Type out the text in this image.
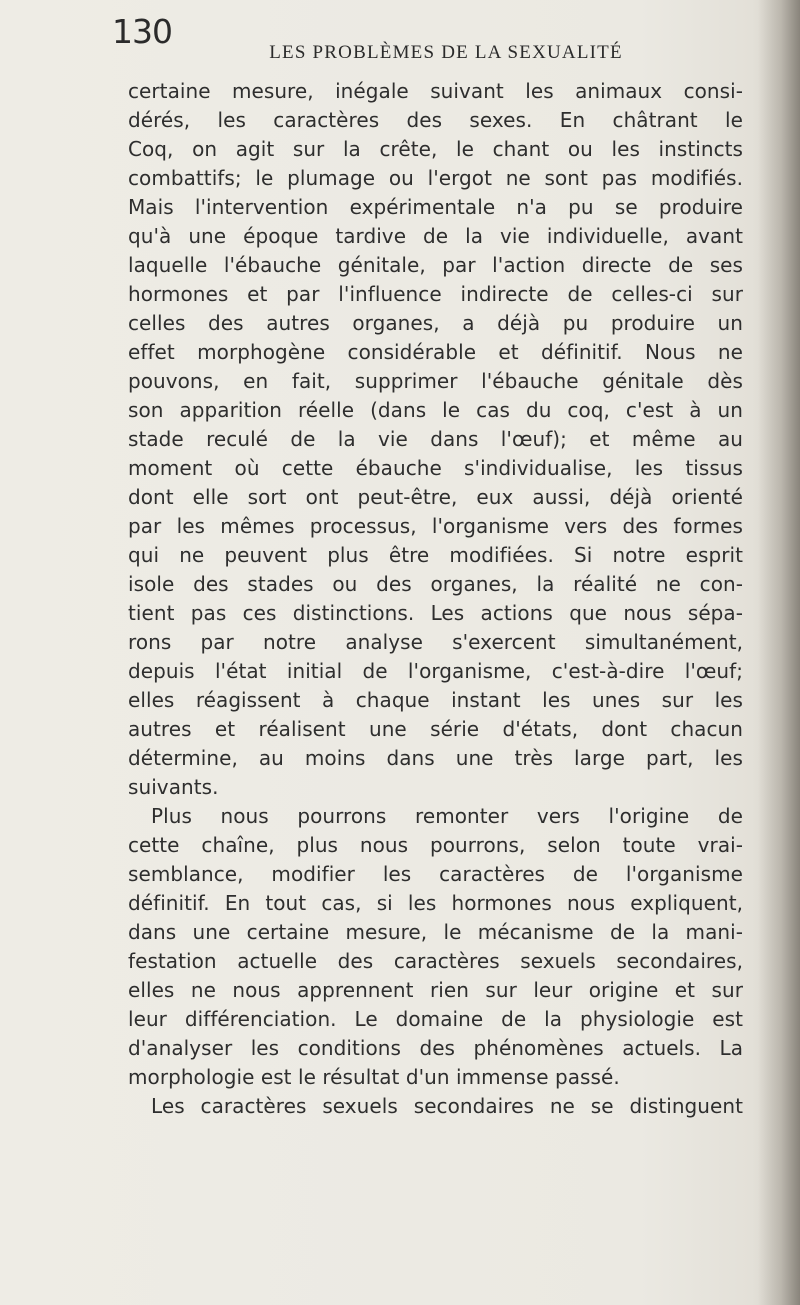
130
LES PROBLÈMES DE LA SEXUALITÉ
certaine mesure, inégale suivant les animaux consi-
dérés, les caractères des sexes. En châtrant le
Coq, on agit sur la crête, le chant ou les instincts
combattifs; le plumage ou l'ergot ne sont pas modifiés.
Mais l'intervention expérimentale n'a pu se produire
qu'à une époque tardive de la vie individuelle, avant
laquelle l'ébauche génitale, par l'action directe de ses
hormones et par l'influence indirecte de celles-ci sur
celles des autres organes, a déjà pu produire un
effet morphogène considérable et définitif. Nous ne
pouvons, en fait, supprimer l'ébauche génitale dès
son apparition réelle (dans le cas du coq, c'est à un
stade reculé de la vie dans l'œuf); et même au
moment où cette ébauche s'individualise, les tissus
dont elle sort ont peut-être, eux aussi, déjà orienté
par les mêmes processus, l'organisme vers des formes
qui ne peuvent plus être modifiées. Si notre esprit
isole des stades ou des organes, la réalité ne con-
tient pas ces distinctions. Les actions que nous sépa-
rons par notre analyse s'exercent simultanément,
depuis l'état initial de l'organisme, c'est-à-dire l'œuf;
elles réagissent à chaque instant les unes sur les
autres et réalisent une série d'états, dont chacun
détermine, au moins dans une très large part, les
suivants.
Plus nous pourrons remonter vers l'origine de
cette chaîne, plus nous pourrons, selon toute vrai-
semblance, modifier les caractères de l'organisme
définitif. En tout cas, si les hormones nous expliquent,
dans une certaine mesure, le mécanisme de la mani-
festation actuelle des caractères sexuels secondaires,
elles ne nous apprennent rien sur leur origine et sur
leur différenciation. Le domaine de la physiologie est
d'analyser les conditions des phénomènes actuels. La
morphologie est le résultat d'un immense passé.
Les caractères sexuels secondaires ne se distinguent
